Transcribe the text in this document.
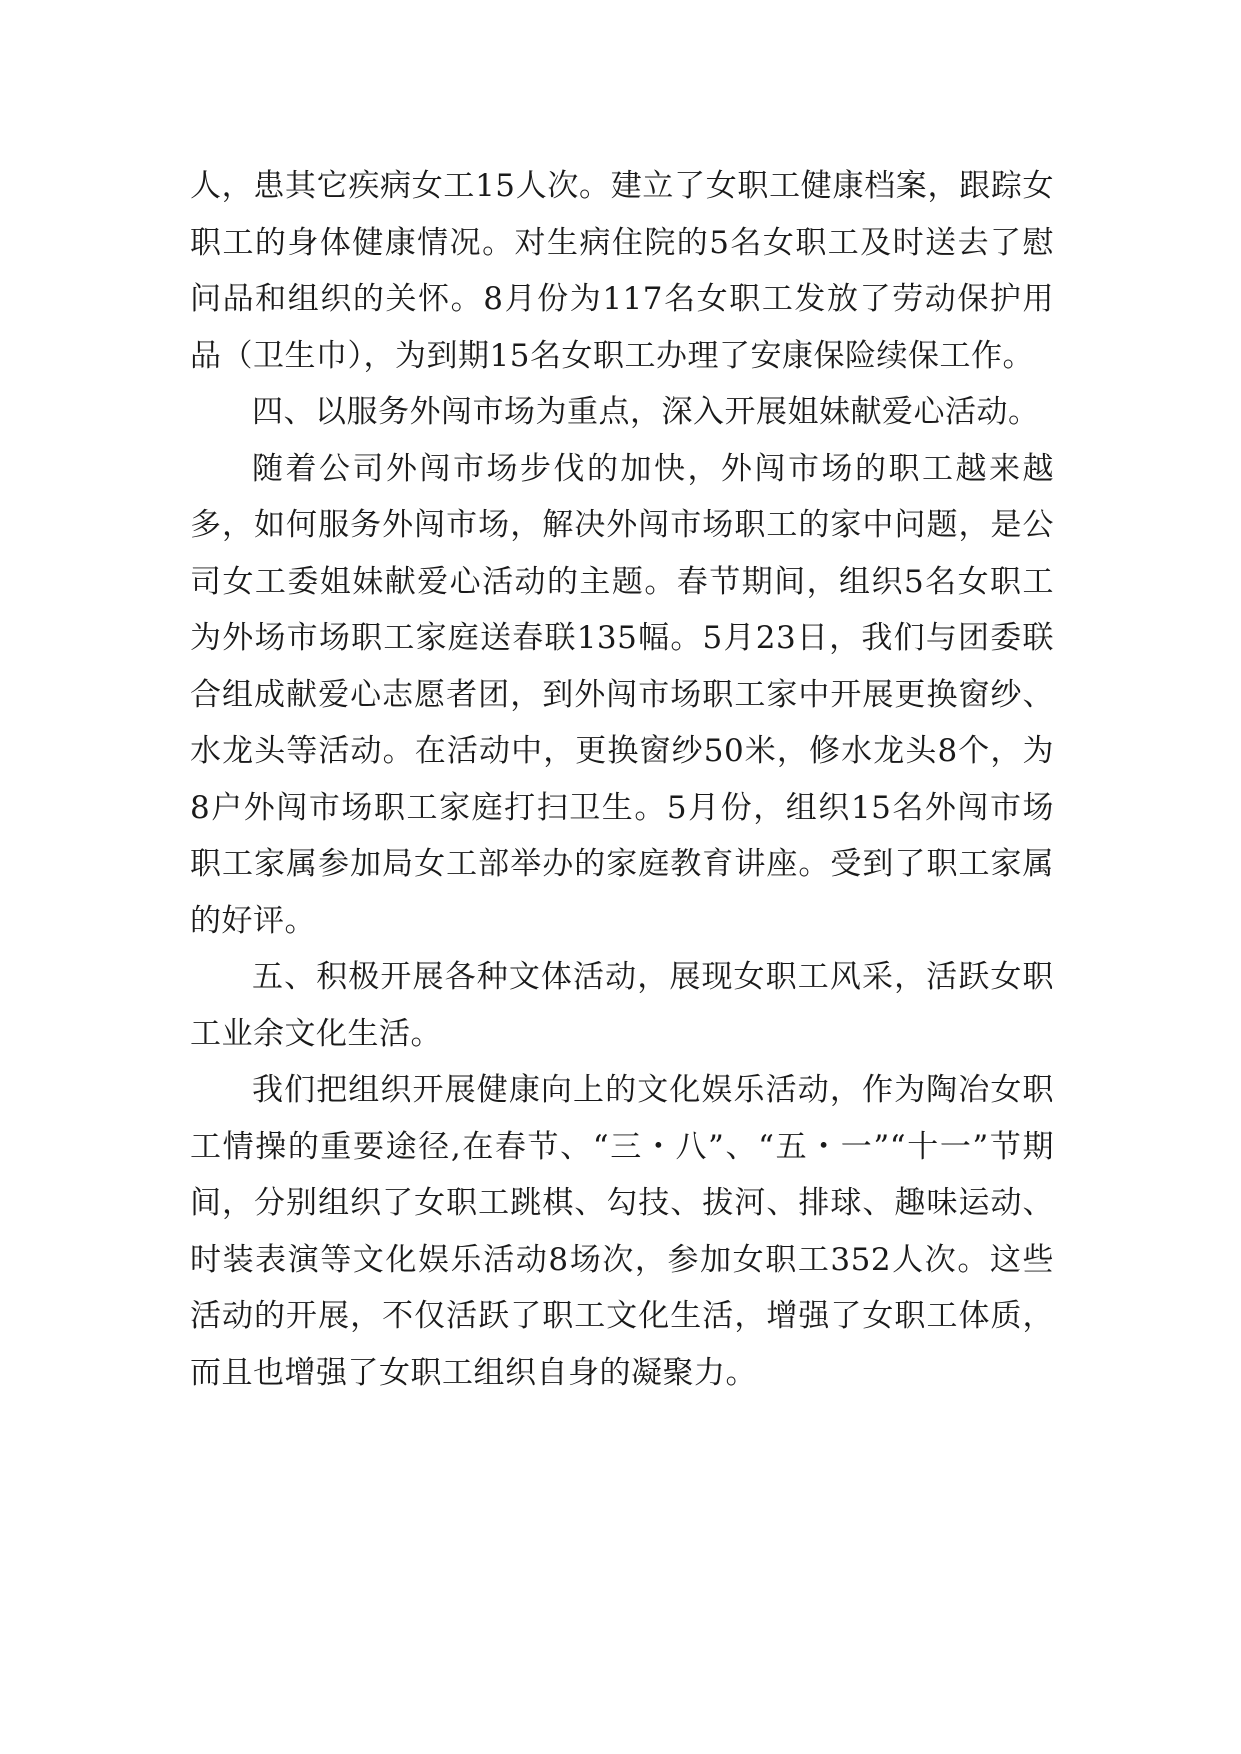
人，患其它疾病女工15人次。建立了女职工健康档案，跟踪女职工的身体健康情况。对生病住院的5名女职工及时送去了慰问品和组织的关怀。8月份为117名女职工发放了劳动保护用品（卫生巾），为到期15名女职工办理了安康保险续保工作。

四、以服务外闯市场为重点，深入开展姐妹献爱心活动。

随着公司外闯市场步伐的加快，外闯市场的职工越来越多，如何服务外闯市场，解决外闯市场职工的家中问题，是公司女工委姐妹献爱心活动的主题。春节期间，组织5名女职工为外场市场职工家庭送春联135幅。5月23日，我们与团委联合组成献爱心志愿者团，到外闯市场职工家中开展更换窗纱、水龙头等活动。在活动中，更换窗纱50米，修水龙头8个，为8户外闯市场职工家庭打扫卫生。5月份，组织15名外闯市场职工家属参加局女工部举办的家庭教育讲座。受到了职工家属的好评。

五、积极开展各种文体活动，展现女职工风采，活跃女职工业余文化生活。

我们把组织开展健康向上的文化娱乐活动，作为陶冶女职工情操的重要途径,在春节、“三・八”、“五・一”“十一”节期间，分别组织了女职工跳棋、勾技、拔河、排球、趣味运动、时装表演等文化娱乐活动8场次，参加女职工352人次。这些活动的开展，不仅活跃了职工文化生活，增强了女职工体质，而且也增强了女职工组织自身的凝聚力。
